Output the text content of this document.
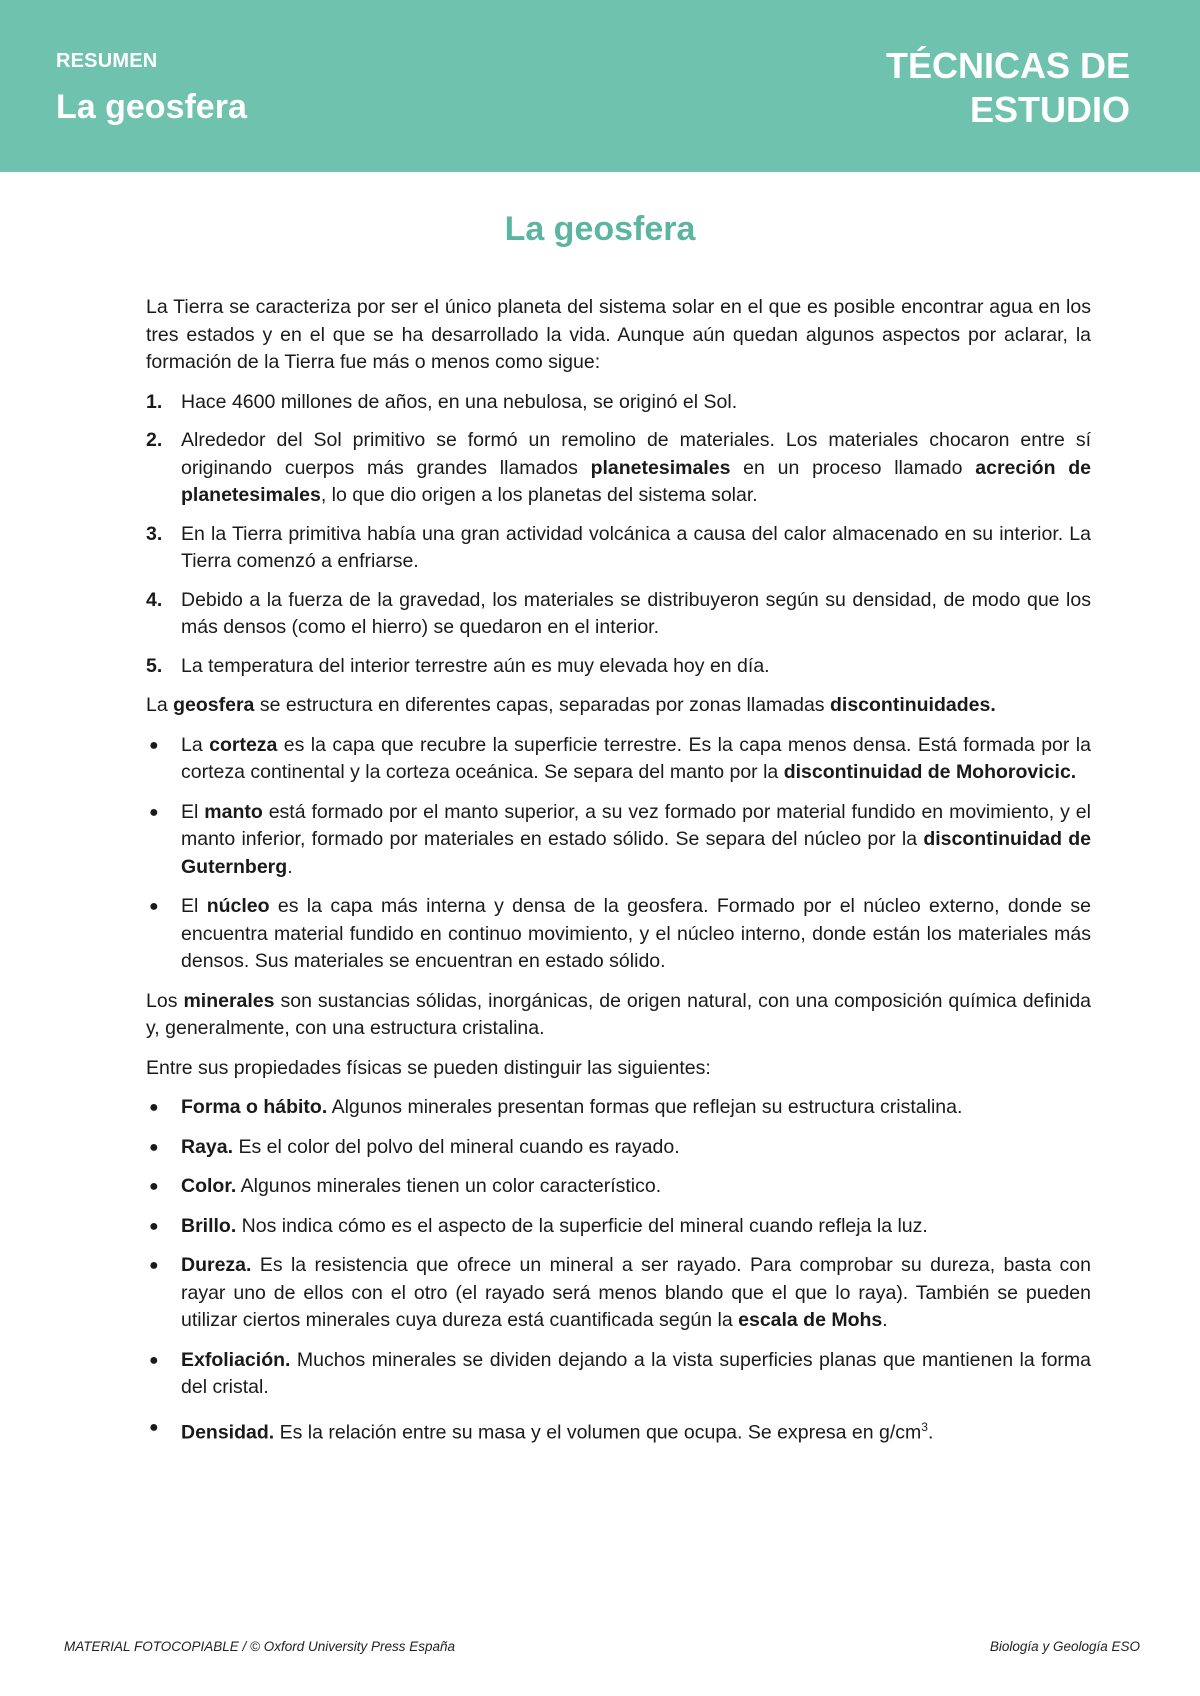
RESUMEN
La geosfera
TÉCNICAS DE
ESTUDIO
La geosfera

La Tierra se caracteriza por ser el único planeta del sistema solar en el que es posible encontrar agua en los tres estados y en el que se ha desarrollado la vida. Aunque aún quedan algunos aspectos por aclarar, la formación de la Tierra fue más o menos como sigue:

1. Hace 4600 millones de años, en una nebulosa, se originó el Sol.
2. Alrededor del Sol primitivo se formó un remolino de materiales. Los materiales chocaron entre sí originando cuerpos más grandes llamados planetesimales en un proceso llamado acreción de planetesimales, lo que dio origen a los planetas del sistema solar.
3. En la Tierra primitiva había una gran actividad volcánica a causa del calor almacenado en su interior. La Tierra comenzó a enfriarse.
4. Debido a la fuerza de la gravedad, los materiales se distribuyeron según su densidad, de modo que los más densos (como el hierro) se quedaron en el interior.
5. La temperatura del interior terrestre aún es muy elevada hoy en día.

La geosfera se estructura en diferentes capas, separadas por zonas llamadas discontinuidades.

● La corteza es la capa que recubre la superficie terrestre. Es la capa menos densa. Está formada por la corteza continental y la corteza oceánica. Se separa del manto por la discontinuidad de Mohorovicic.
● El manto está formado por el manto superior, a su vez formado por material fundido en movimiento, y el manto inferior, formado por materiales en estado sólido. Se separa del núcleo por la discontinuidad de Guternberg.
● El núcleo es la capa más interna y densa de la geosfera. Formado por el núcleo externo, donde se encuentra material fundido en continuo movimiento, y el núcleo interno, donde están los materiales más densos. Sus materiales se encuentran en estado sólido.

Los minerales son sustancias sólidas, inorgánicas, de origen natural, con una composición química definida y, generalmente, con una estructura cristalina.

Entre sus propiedades físicas se pueden distinguir las siguientes:

● Forma o hábito. Algunos minerales presentan formas que reflejan su estructura cristalina.
● Raya. Es el color del polvo del mineral cuando es rayado.
● Color. Algunos minerales tienen un color característico.
● Brillo. Nos indica cómo es el aspecto de la superficie del mineral cuando refleja la luz.
● Dureza. Es la resistencia que ofrece un mineral a ser rayado. Para comprobar su dureza, basta con rayar uno de ellos con el otro (el rayado será menos blando que el que lo raya). También se pueden utilizar ciertos minerales cuya dureza está cuantificada según la escala de Mohs.
● Exfoliación. Muchos minerales se dividen dejando a la vista superficies planas que mantienen la forma del cristal.
● Densidad. Es la relación entre su masa y el volumen que ocupa. Se expresa en $g/cm^3$.
MATERIAL FOTOCOPIABLE / © Oxford University Press España	Biología y Geología ESO
